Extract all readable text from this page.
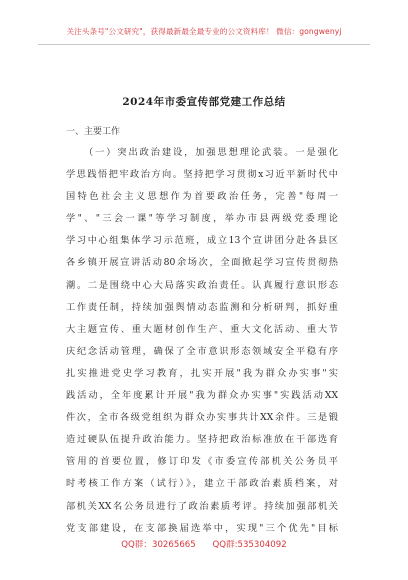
关注头条号"公文研究"，获得最新最全最专业的公文资料库！ 微信：gongwenyj
2024年市委宣传部党建工作总结
一、主要工作
（一）突出政治建设，加强思想理论武装。一是强化
学思践悟把牢政治方向。坚持把学习贯彻x习近平新时代中
国特色社会主义思想作为首要政治任务，完善"每周一
学"、"三会一课"等学习制度，举办市县两级党委理论
学习中心组集体学习示范班，成立13个宣讲团分赴各县区
各乡镇开展宣讲活动80余场次，全面掀起学习宣传贯彻热
潮。二是围绕中心大局落实政治责任。认真履行意识形态
工作责任制，持续加强舆情动态监测和分析研判，抓好重
大主题宣传、重大题材创作生产、重大文化活动、重大节
庆纪念活动管理，确保了全市意识形态领域安全平稳有序
扎实推进党史学习教育，扎实开展"我为群众办实事"实
践活动，全年度累计开展"我为群众办实事"实践活动XX
件次，全市各级党组织为群众办实事共计XX余件。三是锻
造过硬队伍提升政治能力。坚持把政治标准放在干部选育
管用的首要位置，修订印发《市委宣传部机关公务员平
时考核工作方案（试行）》，建立干部政治素质档案，对
部机关XX名公务员进行了政治素质考评。持续加强部机关
党支部建设，在支部换届选举中，实现"三个优先"目标
QQ群：30265665 QQ群:535304092
